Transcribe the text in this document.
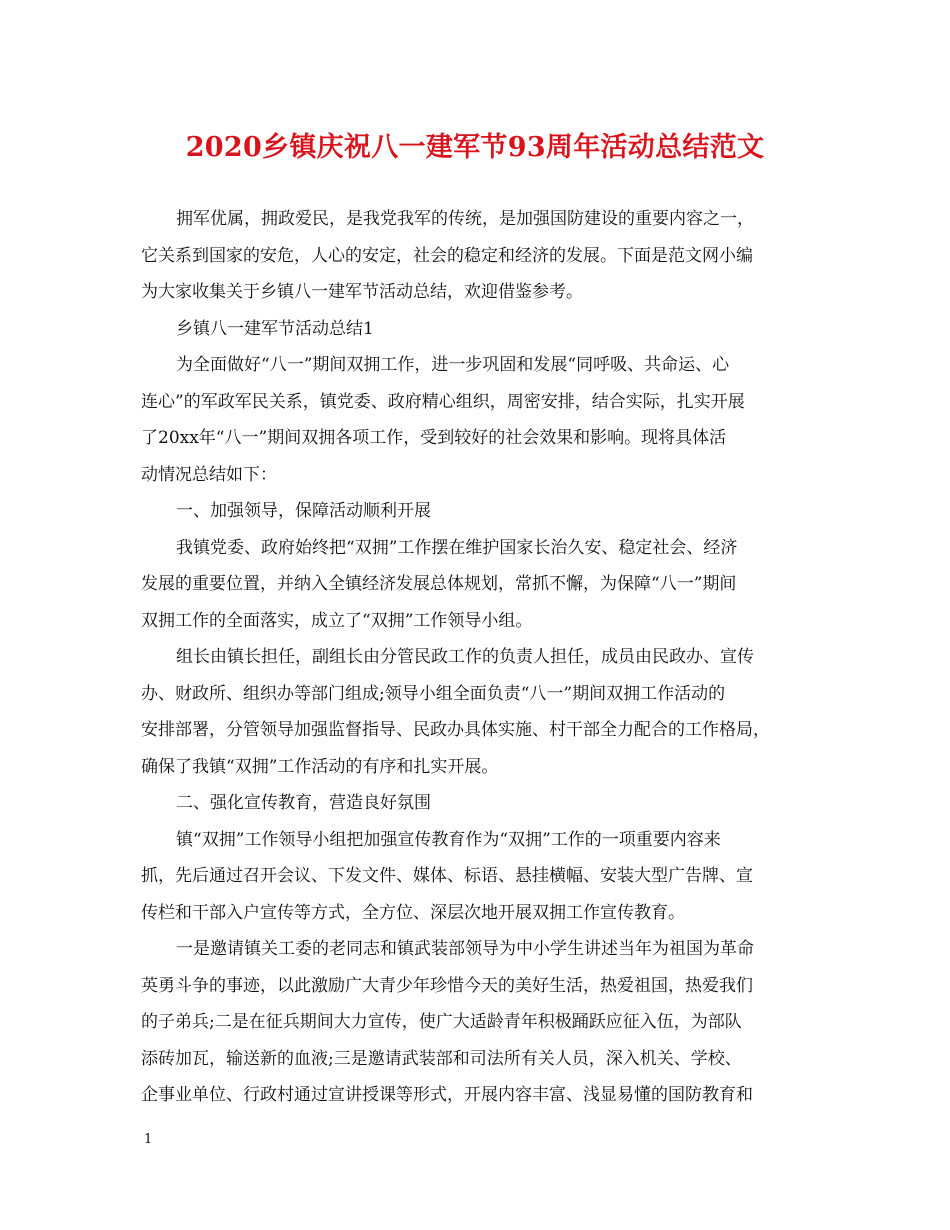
2020乡镇庆祝八一建军节93周年活动总结范文

拥军优属，拥政爱民，是我党我军的传统，是加强国防建设的重要内容之一，

它关系到国家的安危，人心的安定，社会的稳定和经济的发展。下面是范文网小编

为大家收集关于乡镇八一建军节活动总结，欢迎借鉴参考。

乡镇八一建军节活动总结1

为全面做好“八一”期间双拥工作，进一步巩固和发展“同呼吸、共命运、心

连心”的军政军民关系，镇党委、政府精心组织，周密安排，结合实际，扎实开展

了20xx年“八一”期间双拥各项工作，受到较好的社会效果和影响。现将具体活

动情况总结如下：

一、加强领导，保障活动顺利开展

我镇党委、政府始终把“双拥”工作摆在维护国家长治久安、稳定社会、经济

发展的重要位置，并纳入全镇经济发展总体规划，常抓不懈，为保障“八一”期间

双拥工作的全面落实，成立了“双拥”工作领导小组。

组长由镇长担任，副组长由分管民政工作的负责人担任，成员由民政办、宣传

办、财政所、组织办等部门组成;领导小组全面负责“八一”期间双拥工作活动的

安排部署，分管领导加强监督指导、民政办具体实施、村干部全力配合的工作格局，

确保了我镇“双拥”工作活动的有序和扎实开展。

二、强化宣传教育，营造良好氛围

镇“双拥”工作领导小组把加强宣传教育作为“双拥”工作的一项重要内容来

抓，先后通过召开会议、下发文件、媒体、标语、悬挂横幅、安装大型广告牌、宣

传栏和干部入户宣传等方式，全方位、深层次地开展双拥工作宣传教育。

一是邀请镇关工委的老同志和镇武装部领导为中小学生讲述当年为祖国为革命

英勇斗争的事迹，以此激励广大青少年珍惜今天的美好生活，热爱祖国，热爱我们

的子弟兵;二是在征兵期间大力宣传，使广大适龄青年积极踊跃应征入伍，为部队

添砖加瓦，输送新的血液;三是邀请武装部和司法所有关人员，深入机关、学校、

企事业单位、行政村通过宣讲授课等形式，开展内容丰富、浅显易懂的国防教育和

1
